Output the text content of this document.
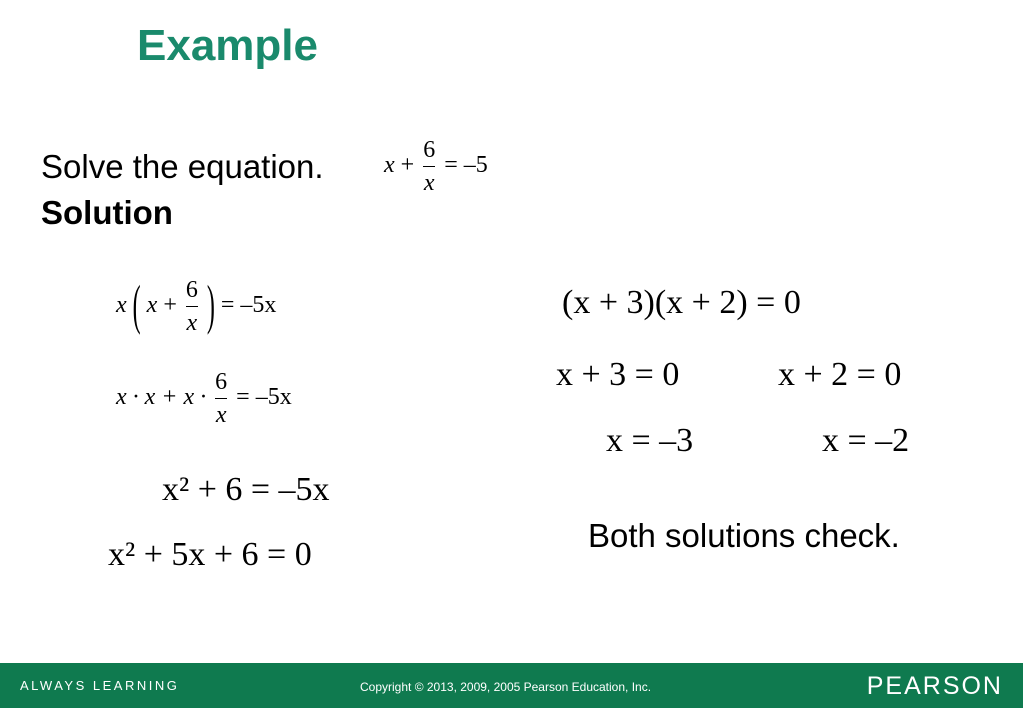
Example
Solve the equation.
Solution
$x + \frac{6}{x} = -5$
x ( $x + \frac{6}{x}$ ) = –5x
$x \cdot x + x \cdot \frac{6}{x} = -5x$
x² + 6 = –5x
x² + 5x + 6 = 0
(x + 3)(x + 2) = 0
x + 3 = 0	x + 2 = 0
x = –3	x = –2
Both solutions check.
ALWAYS LEARNING	Copyright © 2013, 2009, 2005 Pearson Education, Inc.	PEARSON
